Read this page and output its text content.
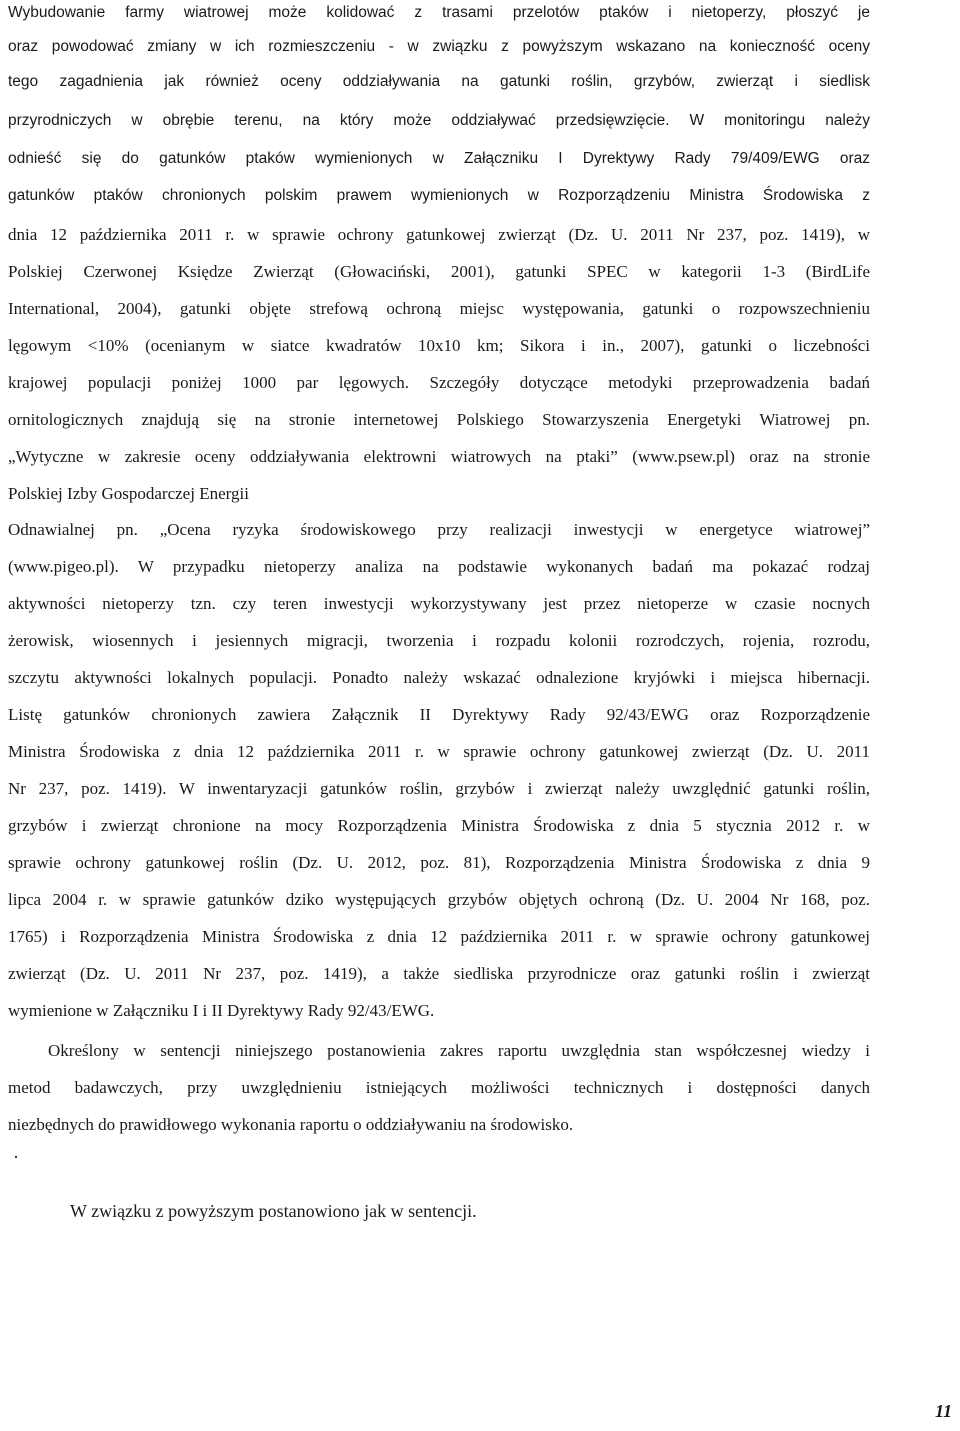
Wybudowanie farmy wiatrowej może kolidować z trasami przelotów ptaków i nietoperzy, płoszyć je
oraz powodować zmiany w ich rozmieszczeniu - w związku z powyższym wskazano na konieczność oceny
tego zagadnienia jak również oceny oddziaływania na gatunki roślin, grzybów, zwierząt i siedlisk
przyrodniczych w obrębie terenu, na który może oddziaływać przedsięwzięcie. W monitoringu należy
odnieść się do gatunków ptaków wymienionych w Załączniku I Dyrektywy Rady 79/409/EWG oraz
gatunków ptaków chronionych polskim prawem wymienionych w Rozporządzeniu Ministra Środowiska z
dnia 12 października 2011 r. w sprawie ochrony gatunkowej zwierząt (Dz. U. 2011 Nr 237, poz. 1419), w
Polskiej Czerwonej Księdze Zwierząt (Głowaciński, 2001), gatunki SPEC w kategorii 1-3 (BirdLife
International, 2004), gatunki objęte strefową ochroną miejsc występowania, gatunki o rozpowszechnieniu
lęgowym <10% (ocenianym w siatce kwadratów 10x10 km; Sikora i in., 2007), gatunki o liczebności
krajowej populacji poniżej 1000 par lęgowych. Szczegóły dotyczące metodyki przeprowadzenia badań
ornitologicznych znajdują się na stronie internetowej Polskiego Stowarzyszenia Energetyki Wiatrowej pn.
„Wytyczne w zakresie oceny oddziaływania elektrowni wiatrowych na ptaki” (www.psew.pl) oraz na stronie
Polskiej Izby Gospodarczej Energii
Odnawialnej pn. „Ocena ryzyka środowiskowego przy realizacji inwestycji w energetyce wiatrowej”
(www.pigeo.pl). W przypadku nietoperzy analiza na podstawie wykonanych badań ma pokazać rodzaj
aktywności nietoperzy tzn. czy teren inwestycji wykorzystywany jest przez nietoperze w czasie nocnych
żerowisk, wiosennych i jesiennych migracji, tworzenia i rozpadu kolonii rozrodczych, rojenia, rozrodu,
szczytu aktywności lokalnych populacji. Ponadto należy wskazać odnalezione kryjówki i miejsca hibernacji.
Listę gatunków chronionych zawiera Załącznik II Dyrektywy Rady 92/43/EWG oraz Rozporządzenie
Ministra Środowiska z dnia 12 października 2011 r. w sprawie ochrony gatunkowej zwierząt (Dz. U. 2011
Nr 237, poz. 1419). W inwentaryzacji gatunków roślin, grzybów i zwierząt należy uwzględnić gatunki roślin,
grzybów i zwierząt chronione na mocy Rozporządzenia Ministra Środowiska z dnia 5 stycznia 2012 r. w
sprawie ochrony gatunkowej roślin (Dz. U. 2012, poz. 81), Rozporządzenia Ministra Środowiska z dnia 9
lipca 2004 r. w sprawie gatunków dziko występujących grzybów objętych ochroną (Dz. U. 2004 Nr 168, poz.
1765) i Rozporządzenia Ministra Środowiska z dnia 12 października 2011 r. w sprawie ochrony gatunkowej
zwierząt (Dz. U. 2011 Nr 237, poz. 1419), a także siedliska przyrodnicze oraz gatunki roślin i zwierząt
wymienione w Załączniku I i II Dyrektywy Rady 92/43/EWG.
Określony w sentencji niniejszego postanowienia zakres raportu uwzględnia stan współczesnej wiedzy i
metod badawczych, przy uwzględnieniu istniejących możliwości technicznych i dostępności danych
niezbędnych do prawidłowego wykonania raportu o oddziaływaniu na środowisko.
W związku z powyższym postanowiono jak w sentencji.
11
